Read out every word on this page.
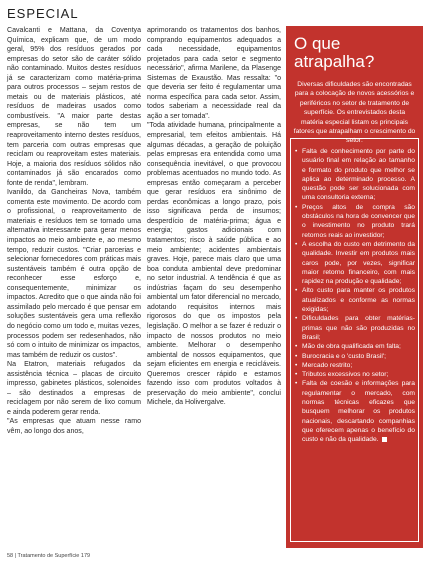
ESPECIAL

Cavalcanti e Mattana, da Coventya Química, explicam que, de um modo geral, 95% dos resíduos gerados por empresas do setor são de caráter sólido não contaminado. Muitos destes resíduos já se caracterizam como matéria-prima para outros processos – sejam restos de metais ou de materiais plásticos, até resíduos de madeiras usados como combustíveis. "A maior parte destas empresas, se não tem um reaproveitamento interno destes resíduos, tem parceria com outras empresas que reciclam ou reaproveitam estes materiais. Hoje, a maioria dos resíduos sólidos não contaminados já são encarados como fonte de renda", lembram.

Ivanildo, da Gancheiras Nova, também comenta este movimento. De acordo com o profissional, o reaproveitamento de materiais e resíduos tem se tornado uma alternativa interessante para gerar menos impactos ao meio ambiente e, ao mesmo tempo, reduzir custos. "Criar parcerias e selecionar fornecedores com práticas mais sustentáveis também é outra opção de reconhecer esse esforço e, consequentemente, minimizar os impactos. Acredito que o que ainda não foi assimilado pelo mercado é que pensar em soluções sustentáveis gera uma reflexão do negócio como um todo e, muitas vezes, processos podem ser redesenhados, não só com o intuito de minimizar os impactos, mas também de reduzir os custos".

Na Etatron, materiais refugados da assistência técnica – placas de circuito impresso, gabinetes plásticos, solenoides – são destinados a empresas de reciclagem por não serem de lixo comum e ainda poderem gerar renda.

"As empresas que atuam nesse ramo vêm, ao longo dos anos,

aprimorando os tratamentos dos banhos, comprando equipamentos adequados a cada necessidade, equipamentos projetados para cada setor e segmento necessário", afirma Marilene, da Plasenge Sistemas de Exaustão. Mas ressalta: "o que deveria ser feito é regulamentar uma norma específica para cada setor. Assim, todos saberiam a necessidade real da ação a ser tomada".

"Toda atividade humana, principalmente a empresarial, tem efeitos ambientais. Há algumas décadas, a geração de poluição pelas empresas era entendida como uma consequência inevitável, o que provocou problemas acentuados no mundo todo. As empresas então começaram a perceber que gerar resíduos era sinônimo de perdas econômicas a longo prazo, pois isso significava perda de insumos; desperdício de matéria-prima; água e energia; gastos adicionais com tratamentos; risco à saúde pública e ao meio ambiente; acidentes ambientais graves. Hoje, parece mais claro que uma boa conduta ambiental deve predominar no setor industrial. A tendência é que as indústrias façam do seu desempenho ambiental um fator diferencial no mercado, adotando requisitos internos mais rigorosos do que os impostos pela legislação. O melhor a se fazer é reduzir o impacto de nossos produtos no meio ambiente. Melhorar o desempenho ambiental de nossos equipamentos, que sejam eficientes em energia e recicláveis. Queremos crescer rápido e estamos fazendo isso com produtos voltados à preservação do meio ambiente", conclui Michele, da Holivergalve.

O que atrapalha?

Diversas dificuldades são encontradas para a colocação de novos acessórios e periféricos no setor de tratamento de superfície. Os entrevistados desta matéria especial listam os principais fatores que atrapalham o crescimento do setor:

• Falta de conhecimento por parte do usuário final em relação ao tamanho e formato do produto que melhor se aplica ao determinado processo. A questão pode ser solucionada com uma consultoria externa;
• Preços altos de compra são obstáculos na hora de convencer que o investimento no produto trará retornos reais ao investidor;
• A escolha do custo em detrimento da qualidade. Investir em produtos mais caros pode, por vezes, significar maior retorno financeiro, com mais rapidez na produção e qualidade;
• Alto custo para manter os produtos atualizados e conforme as normas exigidas;
• Dificuldades para obter matérias-primas que não são produzidas no Brasil;
• Mão de obra qualificada em falta;
• Burocracia e o 'custo Brasil';
• Mercado restrito;
• Tributos excessivos no setor;
• Falta de coesão e informações para regulamentar o mercado, com normas técnicas eficazes que busquem melhorar os produtos nacionais, descartando companhias que oferecem apenas o benefício do custo e não da qualidade.
58 | Tratamento de Superfície 179
